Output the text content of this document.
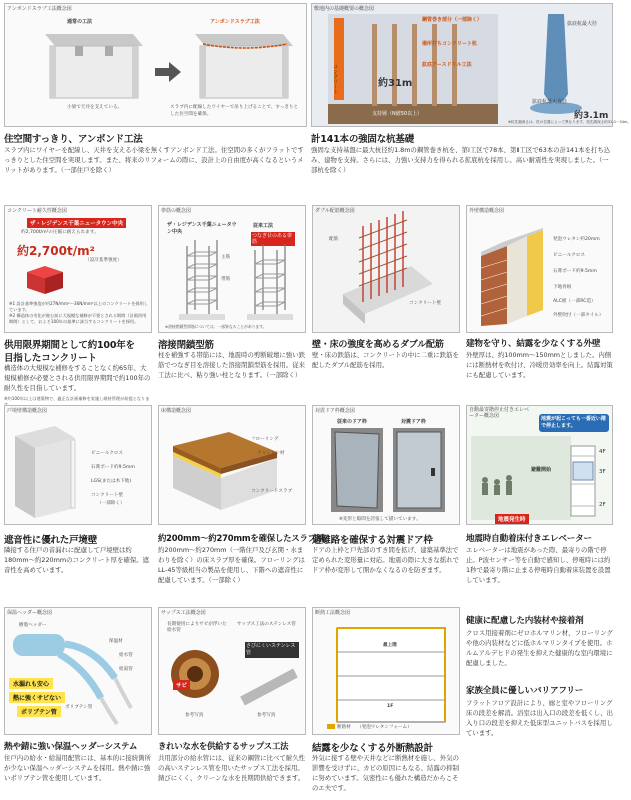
アンボンドスラブ工法概念図
通常の工法	アンボンドスラブ工法
小梁で天井を支えている。	スラブ内に配線したワイヤーで吊り上げることで、すっきりとした住空間を確保。
住空間すっきり、アンボンド工法
スラブ内にワイヤーを配線し、天井を支える小梁を無くすアンボンド工法。住空間の多くがフラットですっきりとした住空間を実現します。また、将来のリフォームの際に、設計上の自由度が高くなるというメリットがあります。（一部住戸を除く）
敷地内の基礎概要の概念図
コンクリート
鋼管巻き部分（一部除く）
場所打ちコンクリート杭
拡底アースドリル工法
約31m
支持層（N値50以上）
拡底杭最大径
拡底杭最大直径
約3.1m
※杭先端深さは、杭の位置によって異なります。杭先端深さ約31.0〜34m。
計141本の強固な杭基礎
強固な支持基盤に最大杭径約1.8mの鋼管巻き杭を、第Ⅰ工区で78本、第Ⅱ工区で63本の計141本を打ち込み、建物を支持。さらには、力強い支持力を得られる拡底杭を採用し、高い耐震性を実現しました。（一部杭を除く）
コンクリート耐久性概念図
ザ・レジデンス千葉ニュータウン中央
約2,700t/m²の圧縮に耐えられます。
約2,700t/m²
（設計基準強度）
※1 設計基準強度が約27N/mm²〜36N/mm²以上のコンクリートを採用しています。
※2 構造体の劣化が進む前に大規模な補修が不要とされる期間（計画供用期間）として、およそ100年の基準に該当するコンクリートを採用。
供用限界期間として約100年を
目指したコンクリート
構造体の大規模な補修をすることなく約65年、大規模補修が必要とされる供用限界期間で約100年の耐久性を目指しています。
※約100年以上は建築物で、適正な計画補修を実施し維持管理が前提となりま
帯筋の概念図
ザ・レジデンス千葉ニュータウン中央
従来工法
つなぎ目のある帯筋
主筋
帯筋
※溶接閉鎖型帯筋については、一部異なることがあります。
溶接閉鎖型筋
柱を補強する帯筋には、地震時の剪断破壊に強い鉄筋でつなぎ目を溶接した溶接閉鎖型筋を採用。従来工法に比べ、粘り強い柱となります。（一部除く）
ダブル配筋概念図
配筋
コンクリート壁
壁・床の強度を高めるダブル配筋
壁・床の鉄筋は、コンクリートの中に二重に鉄筋を配したダブル配筋を採用。
外壁構造概念図
発泡ウレタン約20mm
ビニールクロス
石膏ボード約9.5mm
下地骨組
ALC板（一部RC造）
外壁吹付（一部タイル）
建物を守り、結露を少なくする外壁
外壁厚は、約100mm〜150mmとしました。内側には断熱材を吹付け、冷暖房効率を向上。結露対策にも配慮しています。
戸境壁構造概念図
ビニールクロス
石膏ボード約9.5mm
LGS(または木下地)
コンクリート壁
（一部除く）
遮音性に優れた戸境壁
隣接する住戸の音漏れに配慮して戸境壁は約180mm〜約220mmのコンクリート厚を確保。遮音性を高めています。
床構造概念図
フローリング
クッション材
コンクリートスラブ
約200mm〜約270mmを確保したスラブ厚
約200mm〜約270mm（一階住戸及び玄関・水まわりを除く）の床スラブ厚を確保。フローリングはLL-45等級相当の製品を使用し、下階への遮音性に配慮しています。（一部除く）
対震ドア枠概念図
従来のドア枠	対震ドア枠
※変形と隙間を誇張して描いています。
避難路を確保する対震ドア枠
ドアの上枠と戸先部のすき間を拡げ、建築基準法で定められた変形量に対応。地震の際に大きな揺れでドア枠が変形して開かなくなるのを防ぎます。
自動最寄階停止付きエレベーター概念図	地震が起こっても一番近い階で停止します。
4F
3F
2F
避難開始
地震発生時
地震時自動着床付きエレベーター
エレベーターは地震があった際、最寄りの階で停止。P波センサー等を自動で感知し、停電時には約1秒で最寄り階に止まる停電時自動着床装置を設置しています。
保温ヘッダー概念図
樹脂ヘッダー
保温材
給水管
給湯管
ポリブテン管
水漏れも安心
熱に強くサビない
ポリブテン管
熱や錆に強い保温ヘッダーシステム
住戸内の給水・給湯用配管には、基本的に接続箇所が少ない保温ヘッダーシステムを採用。熱や錆に強いポリブテン管を使用しています。
サップス工法概念図
長期使用によりサビが浮いた給水管
サップス工法のステンレス管
サビ
さびにくいステンレス管
参考写真	参考写真
きれいな水を供給するサップス工法
共用部分の給水管には、従来の鋼管に比べて耐久性の高いステンレス管を用いたサップス工法を採用。錆びにくく、クリーンな水を長期間供給できます。
断熱工法概念図
最上階
1F
断熱材 （発泡ウレタンフォーム）
結露を少なくする外断熱設計
外気に接する壁や天井などに断熱材を施し、外気の影響を受けずに、カビの原因にもなる、結露の抑制に努めています。気密性にも優れた構造だからこそのエ夫です。
健康に配慮した内装材や接着剤
クロス用接着剤にゼロホルマリン材、フローリングや他の内装材などに低ホルマリンタイプを使用。ホルムアルデヒドの発生を抑えた健康的な室内環境に配慮しました。
家族全員に優しいバリアフリー
フラットフロア設計により、廊と室やフローリング床の段差を解消。浴室は出入口の段差を低くし、出入り口の段差を抑えた低床型ユニットバスを採用しています。
